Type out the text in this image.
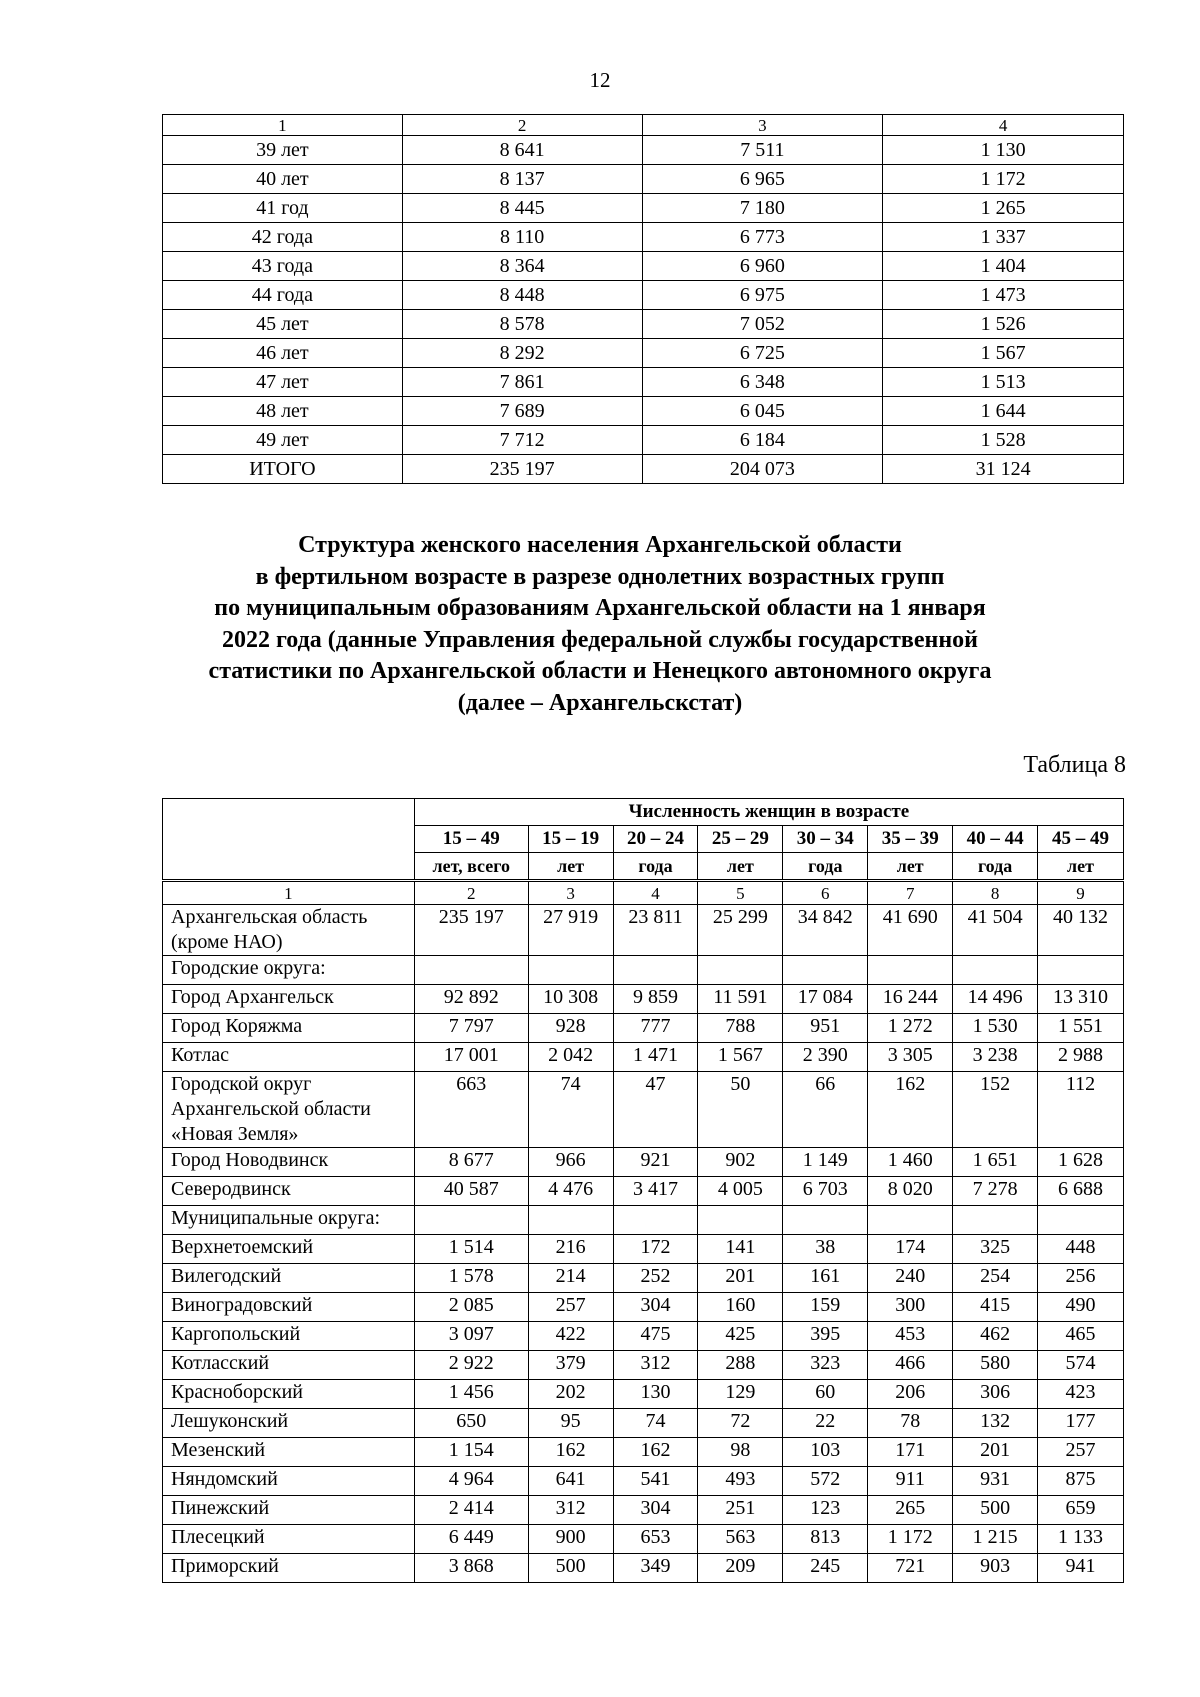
12
1	2	3	4
39 лет	8 641	7 511	1 130
40 лет	8 137	6 965	1 172
41 год	8 445	7 180	1 265
42 года	8 110	6 773	1 337
43 года	8 364	6 960	1 404
44 года	8 448	6 975	1 473
45 лет	8 578	7 052	1 526
46 лет	8 292	6 725	1 567
47 лет	7 861	6 348	1 513
48 лет	7 689	6 045	1 644
49 лет	7 712	6 184	1 528
ИТОГО	235 197	204 073	31 124
Структура женского населения Архангельской области
в фертильном возрасте в разрезе однолетних возрастных групп
по муниципальным образованиям Архангельской области на 1 января
2022 года (данные Управления федеральной службы государственной
статистики по Архангельской области и Ненецкого автономного округа
(далее – Архангельскстат)
Таблица 8
	Численность женщин в возрасте							
	15 – 49	15 – 19	20 – 24	25 – 29	30 – 34	35 – 39	40 – 44	45 – 49
	лет, всего	лет	года	лет	года	лет	года	лет
1	2	3	4	5	6	7	8	9
Архангельская область (кроме НАО)	235 197	27 919	23 811	25 299	34 842	41 690	41 504	40 132
Городские округа:								
Город Архангельск	92 892	10 308	9 859	11 591	17 084	16 244	14 496	13 310
Город Коряжма	7 797	928	777	788	951	1 272	1 530	1 551
Котлас	17 001	2 042	1 471	1 567	2 390	3 305	3 238	2 988
Городской округ Архангельской области «Новая Земля»	663	74	47	50	66	162	152	112
Город Новодвинск	8 677	966	921	902	1 149	1 460	1 651	1 628
Северодвинск	40 587	4 476	3 417	4 005	6 703	8 020	7 278	6 688
Муниципальные округа:								
Верхнетоемский	1 514	216	172	141	38	174	325	448
Вилегодский	1 578	214	252	201	161	240	254	256
Виноградовский	2 085	257	304	160	159	300	415	490
Каргопольский	3 097	422	475	425	395	453	462	465
Котласский	2 922	379	312	288	323	466	580	574
Красноборский	1 456	202	130	129	60	206	306	423
Лешуконский	650	95	74	72	22	78	132	177
Мезенский	1 154	162	162	98	103	171	201	257
Няндомский	4 964	641	541	493	572	911	931	875
Пинежский	2 414	312	304	251	123	265	500	659
Плесецкий	6 449	900	653	563	813	1 172	1 215	1 133
Приморский	3 868	500	349	209	245	721	903	941
